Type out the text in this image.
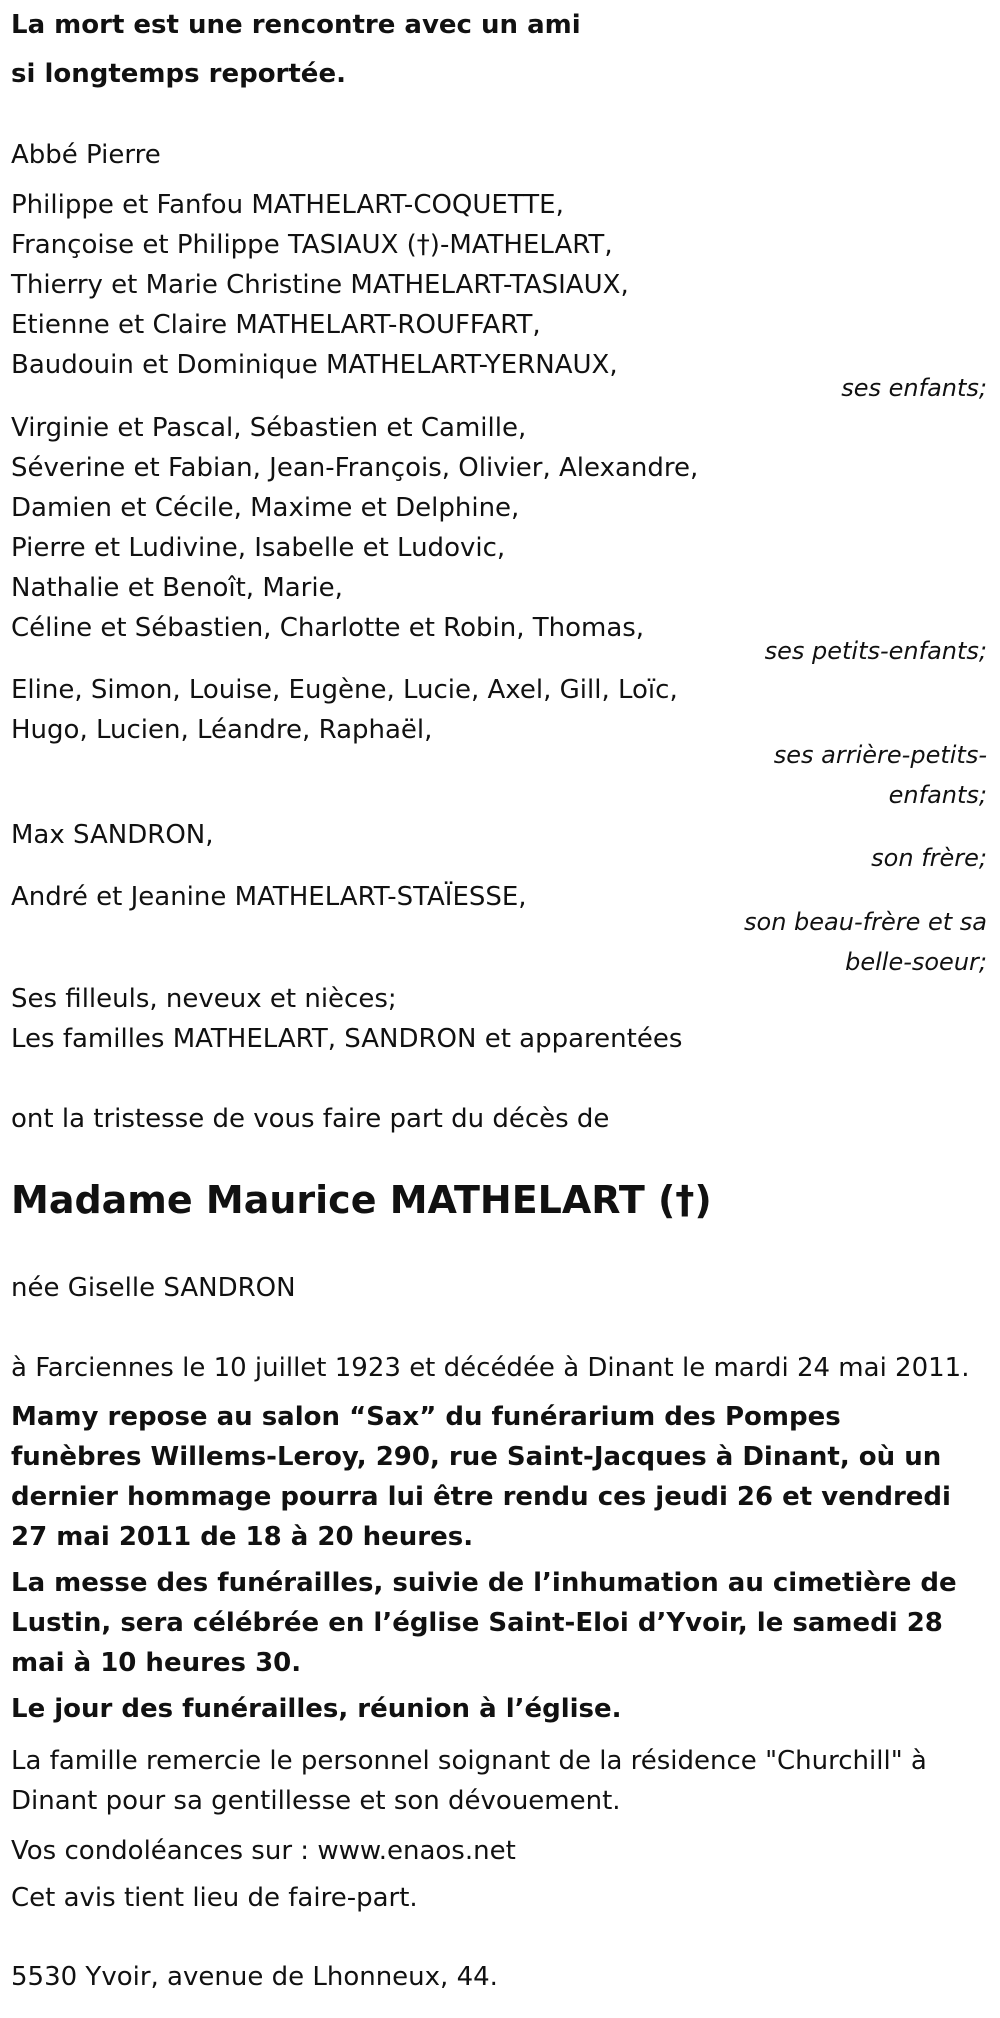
La mort est une rencontre avec un ami
si longtemps reportée.
Abbé Pierre
Philippe et Fanfou MATHELART-COQUETTE,
Françoise et Philippe TASIAUX (†)-MATHELART,
Thierry et Marie Christine MATHELART-TASIAUX,
Etienne et Claire MATHELART-ROUFFART,
Baudouin et Dominique MATHELART-YERNAUX,
ses enfants;
Virginie et Pascal, Sébastien et Camille,
Séverine et Fabian, Jean-François, Olivier, Alexandre,
Damien et Cécile, Maxime et Delphine,
Pierre et Ludivine, Isabelle et Ludovic,
Nathalie et Benoît, Marie,
Céline et Sébastien, Charlotte et Robin, Thomas,
ses petits-enfants;
Eline, Simon, Louise, Eugène, Lucie, Axel, Gill, Loïc,
Hugo, Lucien, Léandre, Raphaël,
ses arrière-petits-
enfants;
Max SANDRON,
son frère;
André et Jeanine MATHELART-STAÏESSE,
son beau-frère et sa
belle-soeur;
Ses filleuls, neveux et nièces;
Les familles MATHELART, SANDRON et apparentées
ont la tristesse de vous faire part du décès de
Madame Maurice MATHELART (†)
née Giselle SANDRON
à Farciennes le 10 juillet 1923 et décédée à Dinant le mardi 24 mai 2011.
Mamy repose au salon “Sax” du funérarium des Pompes funèbres Willems-Leroy, 290, rue Saint-Jacques à Dinant, où un dernier hommage pourra lui être rendu ces jeudi 26 et vendredi 27 mai 2011 de 18 à 20 heures.
La messe des funérailles, suivie de l’inhumation au cimetière de Lustin, sera célébrée en l’église Saint-Eloi d’Yvoir, le samedi 28 mai à 10 heures 30.
Le jour des funérailles, réunion à l’église.
La famille remercie le personnel soignant de la résidence "Churchill" à Dinant pour sa gentillesse et son dévouement.
Vos condoléances sur : www.enaos.net
Cet avis tient lieu de faire-part.
5530 Yvoir, avenue de Lhonneux, 44.
